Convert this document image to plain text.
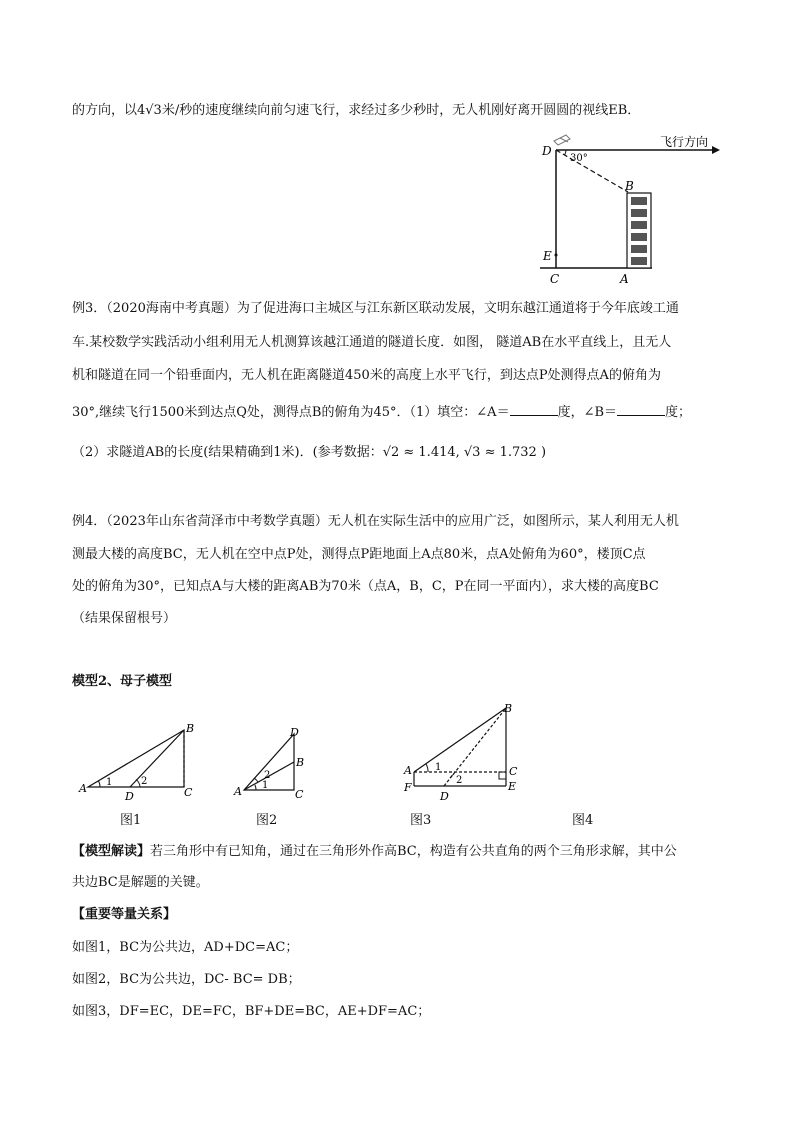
的方向，以4√3米/秒的速度继续向前匀速飞行，求经过多少秒时，无人机刚好离开圆圆的视线EB．
D
30°
飞行方向
B
E
C	A
例3．（2020海南中考真题）为了促进海口主城区与江东新区联动发展，文明东越江通道将于今年底竣工通
车.某校数学实践活动小组利用无人机测算该越江通道的隧道长度．如图， 隧道AB在水平直线上，且无人
机和隧道在同一个铅垂面内，无人机在距离隧道450米的高度上水平飞行，到达点P处测得点A的俯角为
30°,继续飞行1500米到达点Q处，测得点B的俯角为45°．（1）填空：∠A＝	度，∠B＝	度；
（2）求隧道AB的长度(结果精确到1米)．(参考数据：√2 ≈ 1.414, √3 ≈ 1.732 )
例4．（2023年山东省菏泽市中考数学真题）无人机在实际生活中的应用广泛，如图所示，某人利用无人机
测最大楼的高度BC，无人机在空中点P处，测得点P距地面上A点80米，点A处俯角为60°，楼顶C点
处的俯角为30°，已知点A与大楼的距离AB为70米（点A，B，C，P在同一平面内），求大楼的高度BC
（结果保留根号）
模型2、母子模型
A
B
C
D
1	2
A
B
C
D
1
2	A
B
C
D
E
F
1
2
图1	图2	图3	图4
【模型解读】若三角形中有已知角，通过在三角形外作高BC，构造有公共直角的两个三角形求解，其中公
共边BC是解题的关键。
【重要等量关系】
如图1，BC为公共边，AD+DC=AC；
如图2，BC为公共边，DC- BC= DB；
如图3，DF=EC，DE=FC，BF+DE=BC，AE+DF=AC；
